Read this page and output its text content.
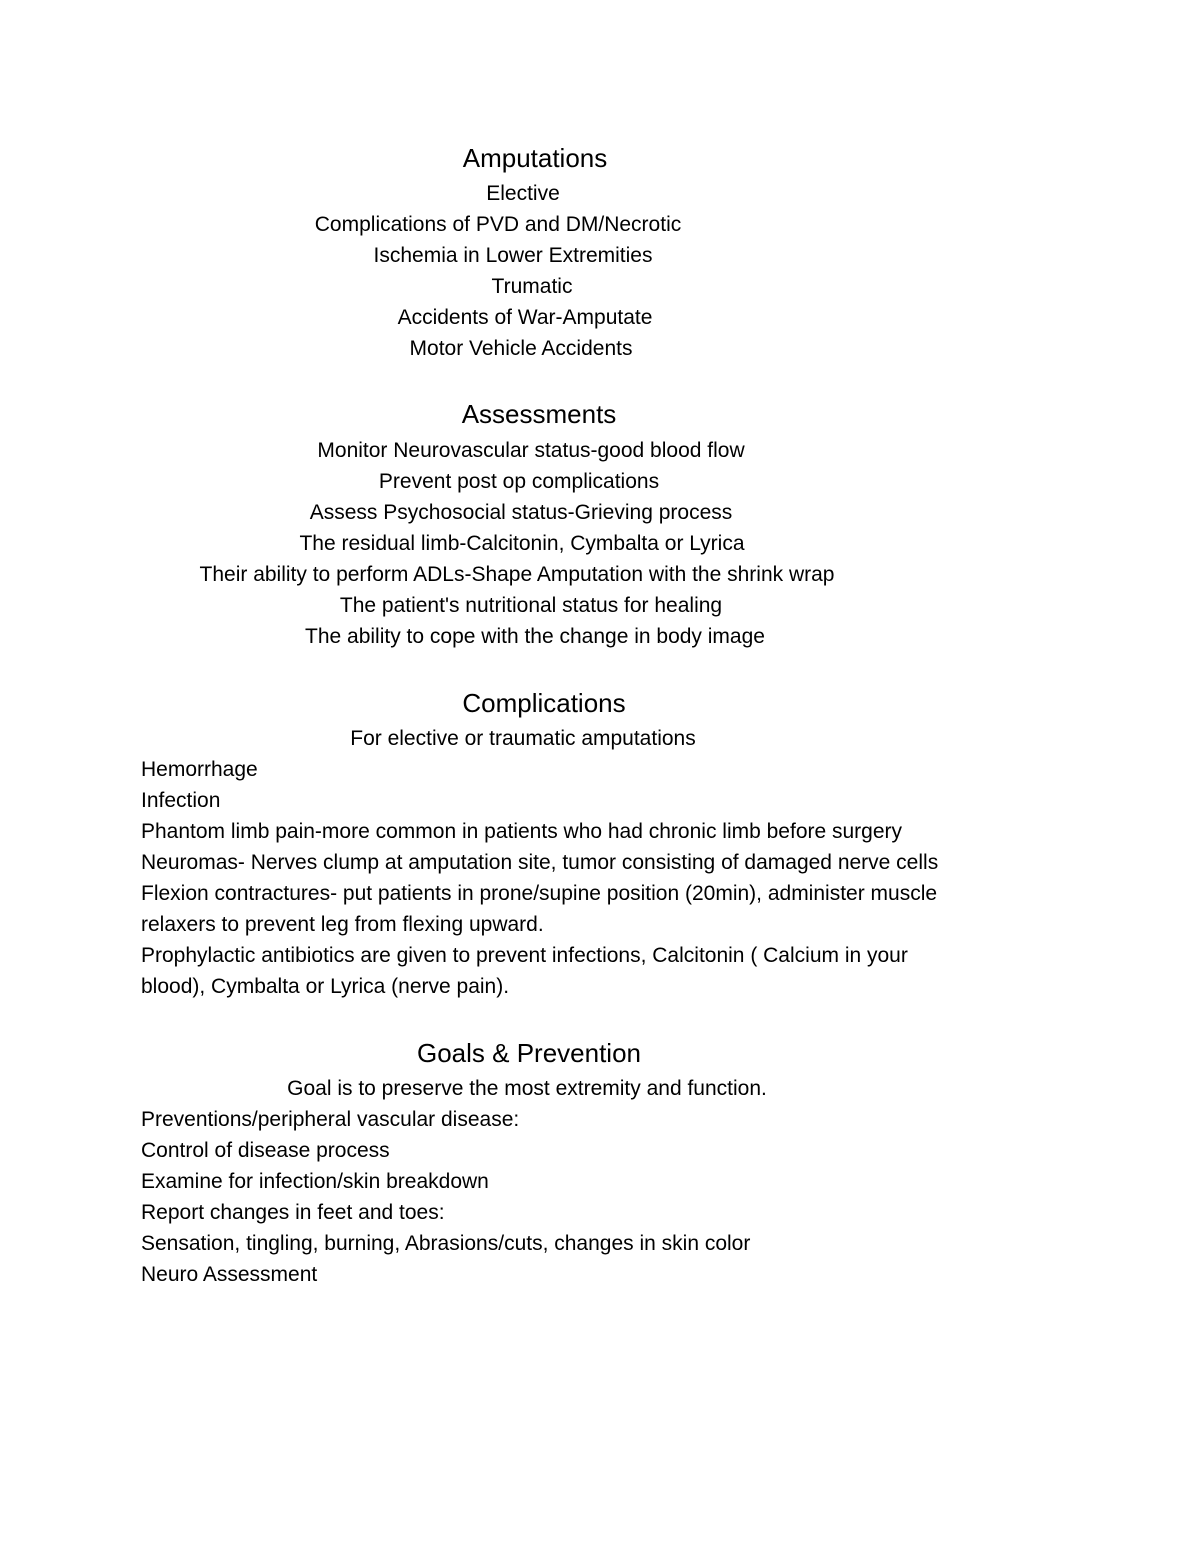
Amputations

Elective

Complications of PVD and DM/Necrotic

Ischemia in Lower Extremities

Trumatic

Accidents of War-Amputate

Motor Vehicle Accidents

Assessments

Monitor Neurovascular status-good blood flow

Prevent post op complications

Assess Psychosocial status-Grieving process

The residual limb-Calcitonin, Cymbalta or Lyrica

Their ability to perform ADLs-Shape Amputation with the shrink wrap

The patient's nutritional status for healing

The ability to cope with the change in body image

Complications

For elective or traumatic amputations

Hemorrhage

Infection

Phantom limb pain-more common in patients who had chronic limb before surgery

Neuromas- Nerves clump at amputation site, tumor consisting of damaged nerve cells

Flexion contractures- put patients in prone/supine position (20min), administer muscle

relaxers to prevent leg from flexing upward.

Prophylactic antibiotics are given to prevent infections, Calcitonin ( Calcium in your

blood), Cymbalta or Lyrica (nerve pain).

Goals & Prevention

Goal is to preserve the most extremity and function.

Preventions/peripheral vascular disease:

Control of disease process

Examine for infection/skin breakdown

Report changes in feet and toes:

Sensation, tingling, burning, Abrasions/cuts, changes in skin color

Neuro Assessment
